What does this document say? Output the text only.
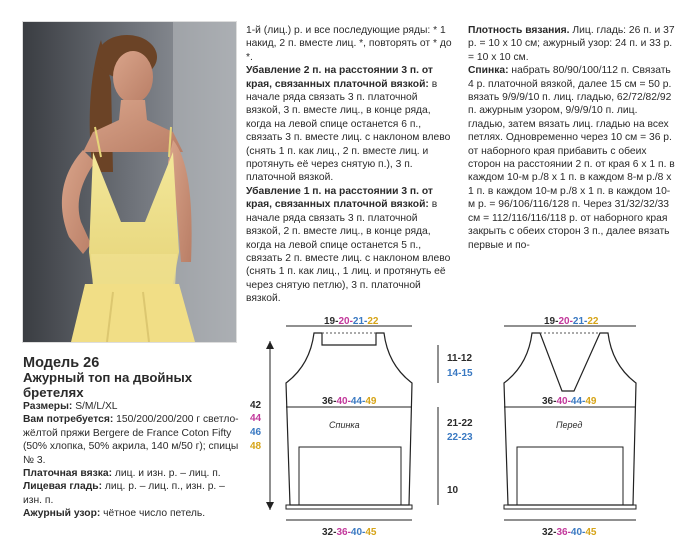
1-й (лиц.) р. и все последующие ряды: * 1 накид, 2 п. вместе лиц. *, повторять от * до *.

Убавление 2 п. на расстоянии 3 п. от края, связанных платочной вязкой: в начале ряда связать 3 п. платочной вязкой, 3 п. вместе лиц., в конце ряда, когда на левой спице останется 6 п., связать 3 п. вместе лиц. с наклоном влево (снять 1 п. как лиц., 2 п. вместе лиц. и протянуть её через снятую п.), 3 п. платочной вязкой.

Убавление 1 п. на расстоянии 3 п. от края, связанных платочной вязкой: в начале ряда связать 3 п. платочной вязкой, 2 п. вместе лиц., в конце ряда, когда на левой спице останется 5 п., связать 2 п. вместе лиц. с наклоном влево (снять 1 п. как лиц., 1 лиц. и протянуть её через снятую петлю), 3 п. платочной вязкой.

Плотность вязания. Лиц. гладь: 26 п. и 37 р. = 10 х 10 см; ажурный узор: 24 п. и 33 р. = 10 х 10 см.

Спинка: набрать 80/90/100/112 п. Связать 4 р. платочной вязкой, далее 15 см = 50 р. вязать 9/9/9/10 п. лиц. гладью, 62/72/82/92 п. ажурным узором, 9/9/9/10 п. лиц. гладью, затем вязать лиц. гладью на всех петлях. Одновременно через 10 см = 36 р. от наборного края прибавить с обеих сторон на расстоянии 2 п. от края 6 х 1 п. в каждом 10-м р./8 х 1 п. в каждом 8-м р./8 х 1 п. в каждом 10-м р./8 х 1 п. в каждом 10-м р. = 96/106/116/128 п. Через 31/32/32/33 см = 112/116/116/118 р. от наборного края закрыть с обеих сторон 3 п., далее вязать первые и по-

Модель 26

Ажурный топ на двойных бретелях

Размеры: S/M/L/XL

Вам потребуется: 150/200/200/200 г светло-жёлтой пряжи Bergere de France Coton Fifty (50% хлопка, 50% акрила, 140 м/50 г); спицы № 3.

Платочная вязка: лиц. и изн. р. – лиц. п.

Лицевая гладь: лиц. р. – лиц. п., изн. р. – изн. п.

Ажурный узор: чётное число петель.

42
44
46
48
19-20-21-22
36-40-44-49
Спинка
32-36-40-45
11-12
14-15
21-22
22-23
10
19-20-21-22
36-40-44-49
Перед
32-36-40-45
